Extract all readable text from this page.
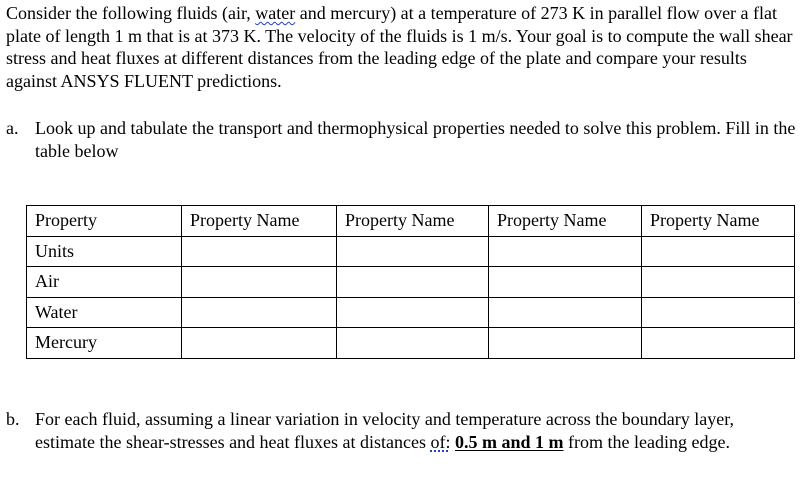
Consider the following fluids (air, water and mercury) at a temperature of 273 K in parallel flow over a flat plate of length 1 m that is at 373 K. The velocity of the fluids is 1 m/s. Your goal is to compute the wall shear stress and heat fluxes at different distances from the leading edge of the plate and compare your results against ANSYS FLUENT predictions.

a. Look up and tabulate the transport and thermophysical properties needed to solve this problem. Fill in the table below
Property	Property Name	Property Name	Property Name	Property Name
Units				
Air				
Water				
Mercury				
b. For each fluid, assuming a linear variation in velocity and temperature across the boundary layer, estimate the shear-stresses and heat fluxes at distances of: 0.5 m and 1 m from the leading edge.
